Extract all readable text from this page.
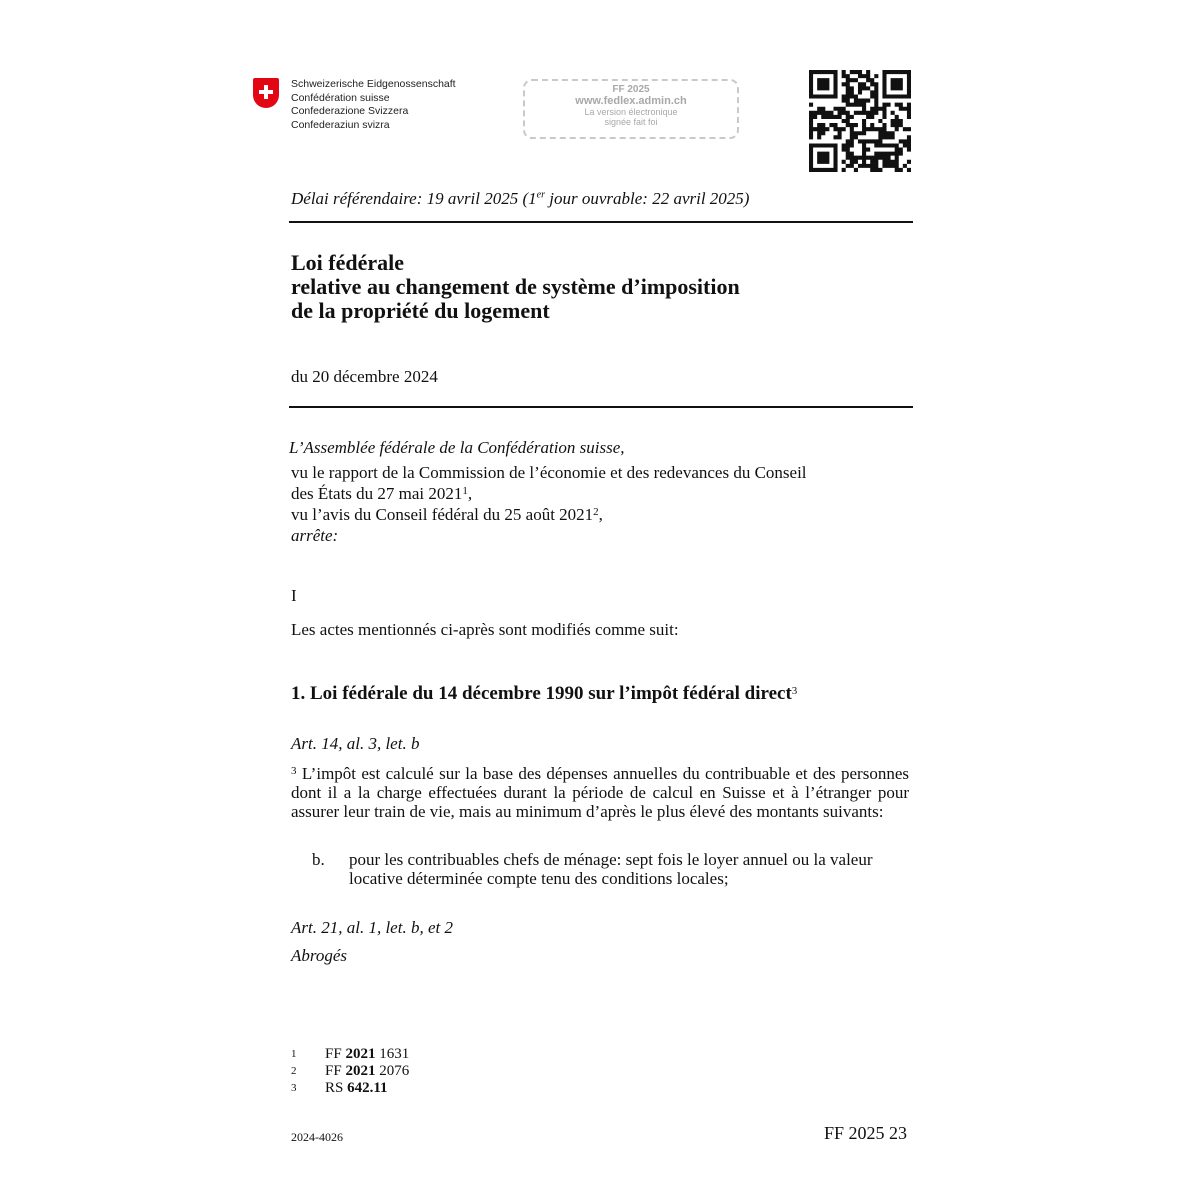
Schweizerische Eidgenossenschaft
Confédération suisse
Confederazione Svizzera
Confederaziun svizra
FF 2025
www.fedlex.admin.ch
La version électronique
signée fait foi
Délai référendaire: 19 avril 2025 (1er jour ouvrable: 22 avril 2025)
Loi fédérale
relative au changement de système d’imposition
de la propriété du logement
du 20 décembre 2024
L’Assemblée fédérale de la Confédération suisse,
vu le rapport de la Commission de l’économie et des redevances du Conseil
des États du 27 mai 2021$^1$,
vu l’avis du Conseil fédéral du 25 août 2021$^2$,
arrête:
I
Les actes mentionnés ci-après sont modifiés comme suit:
1. Loi fédérale du 14 décembre 1990 sur l’impôt fédéral direct$^3$
Art. 14, al. 3, let. b
$^3$ L’impôt est calculé sur la base des dépenses annuelles du contribuable et des personnes dont il a la charge effectuées durant la période de calcul en Suisse et à l’étranger pour assurer leur train de vie, mais au minimum d’après le plus élevé des montants suivants:
b. pour les contribuables chefs de ménage: sept fois le loyer annuel ou la valeur locative déterminée compte tenu des conditions locales;
Art. 21, al. 1, let. b, et 2
Abrogés
1 FF 2021 1631
2 FF 2021 2076
3 RS 642.11
2024-4026	FF 2025 23
